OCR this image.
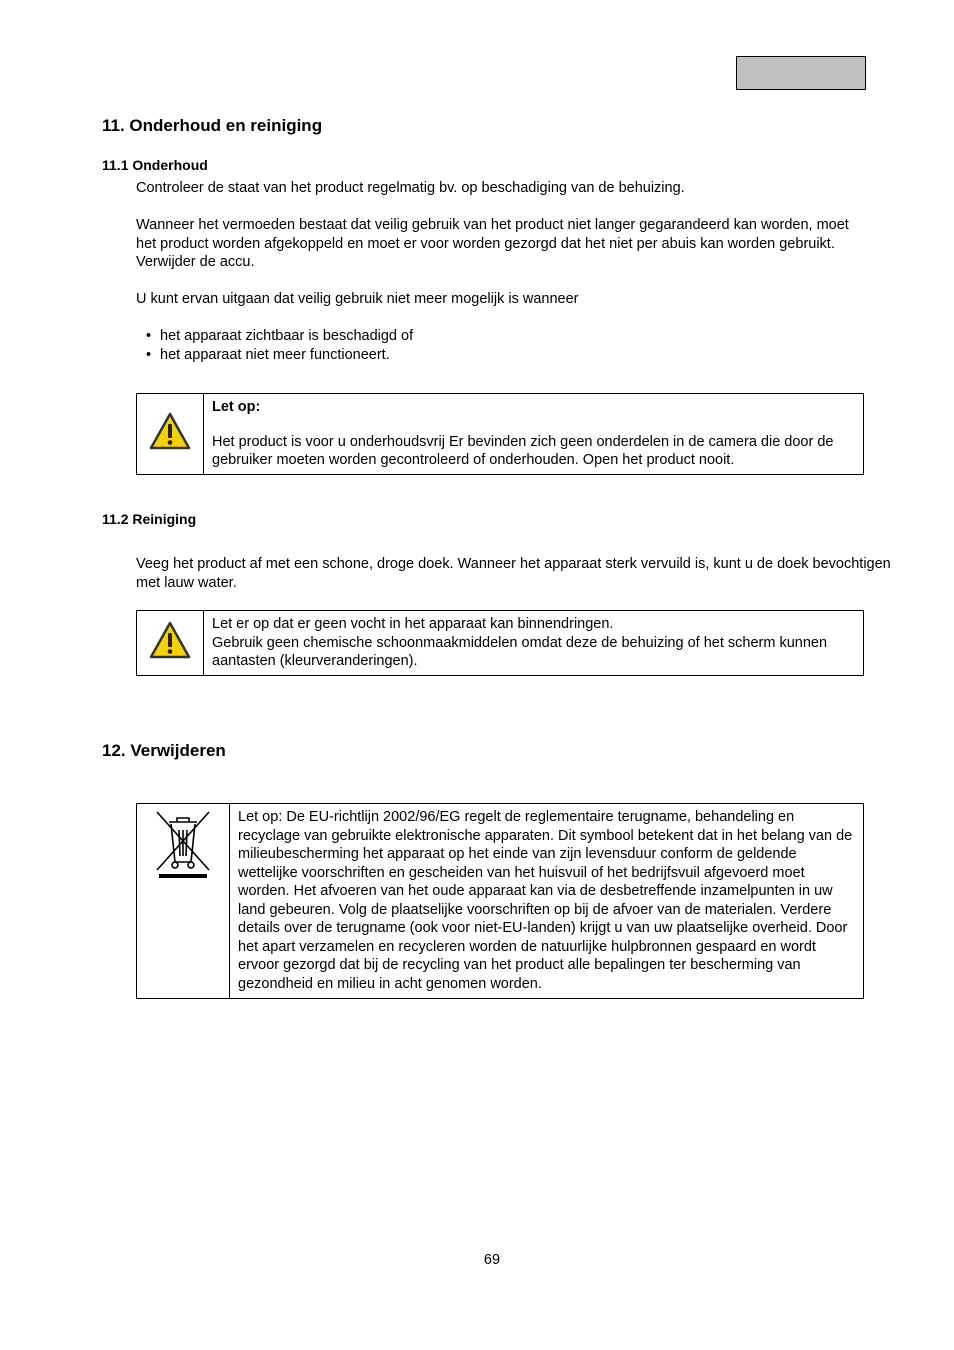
11. Onderhoud en reiniging
11.1 Onderhoud
Controleer de staat van het product regelmatig bv. op beschadiging van de behuizing.
Wanneer het vermoeden bestaat dat veilig gebruik van het product niet langer gegarandeerd kan worden, moet het product worden afgekoppeld en moet er voor worden gezorgd dat het niet per abuis kan worden gebruikt. Verwijder de accu.
U kunt ervan uitgaan dat veilig gebruik niet meer mogelijk is wanneer
• het apparaat zichtbaar is beschadigd of
• het apparaat niet meer functioneert.

Let op:
Het product is voor u onderhoudsvrij Er bevinden zich geen onderdelen in de camera die door de gebruiker moeten worden gecontroleerd of onderhouden. Open het product nooit.
11.2 Reiniging
Veeg het product af met een schone, droge doek. Wanneer het apparaat sterk vervuild is, kunt u de doek bevochtigen met lauw water.

Let er op dat er geen vocht in het apparaat kan binnendringen.
Gebruik geen chemische schoonmaakmiddelen omdat deze de behuizing of het scherm kunnen aantasten (kleurveranderingen).
12. Verwijderen

Let op: De EU-richtlijn 2002/96/EG regelt de reglementaire terugname, behandeling en recyclage van gebruikte elektronische apparaten. Dit symbool betekent dat in het belang van de milieubescherming het apparaat op het einde van zijn levensduur conform de geldende wettelijke voorschriften en gescheiden van het huisvuil of het bedrijfsvuil afgevoerd moet worden. Het afvoeren van het oude apparaat kan via de desbetreffende inzamelpunten in uw land gebeuren. Volg de plaatselijke voorschriften op bij de afvoer van de materialen. Verdere details over de terugname (ook voor niet-EU-landen) krijgt u van uw plaatselijke overheid. Door het apart verzamelen en recycleren worden de natuurlijke hulpbronnen gespaard en wordt ervoor gezorgd dat bij de recycling van het product alle bepalingen ter bescherming van gezondheid en milieu in acht genomen worden.
69
